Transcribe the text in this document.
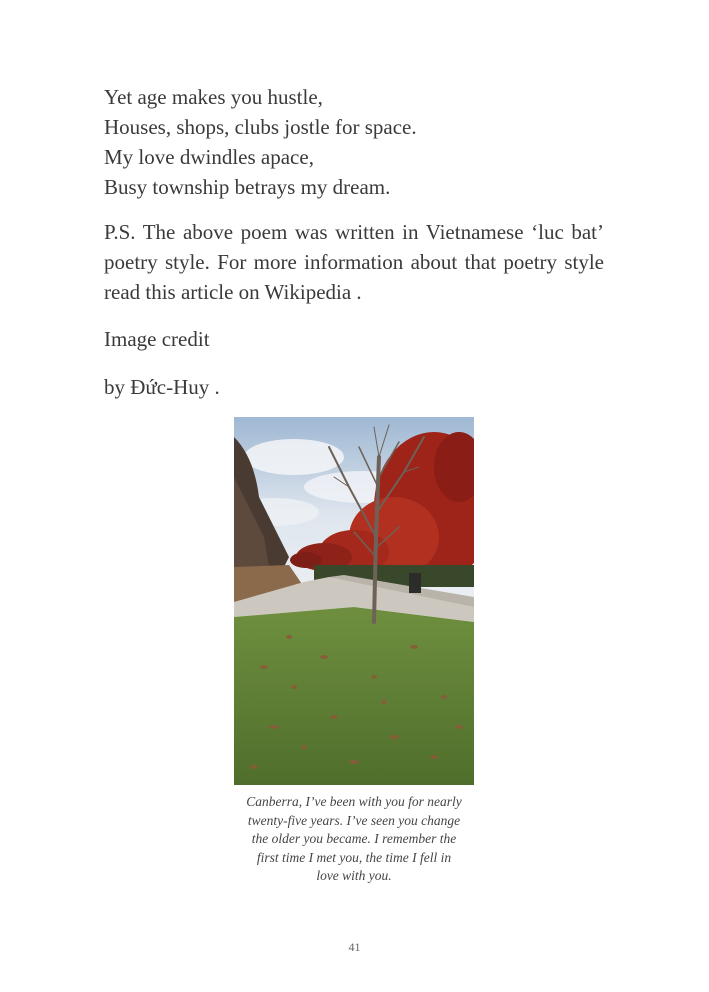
Yet age makes you hustle,
Houses, shops, clubs jostle for space.
My love dwindles apace,
Busy township betrays my dream.

P.S. The above poem was written in Vietnamese ‘luc bat’ poetry style. For more information about that poetry style read this article on Wikipedia .

Image credit

by Đức-Huy .

Canberra, I’ve been with you for nearly
twenty-five years. I’ve seen you change
the older you became. I remember the
first time I met you, the time I fell in
love with you.
41
